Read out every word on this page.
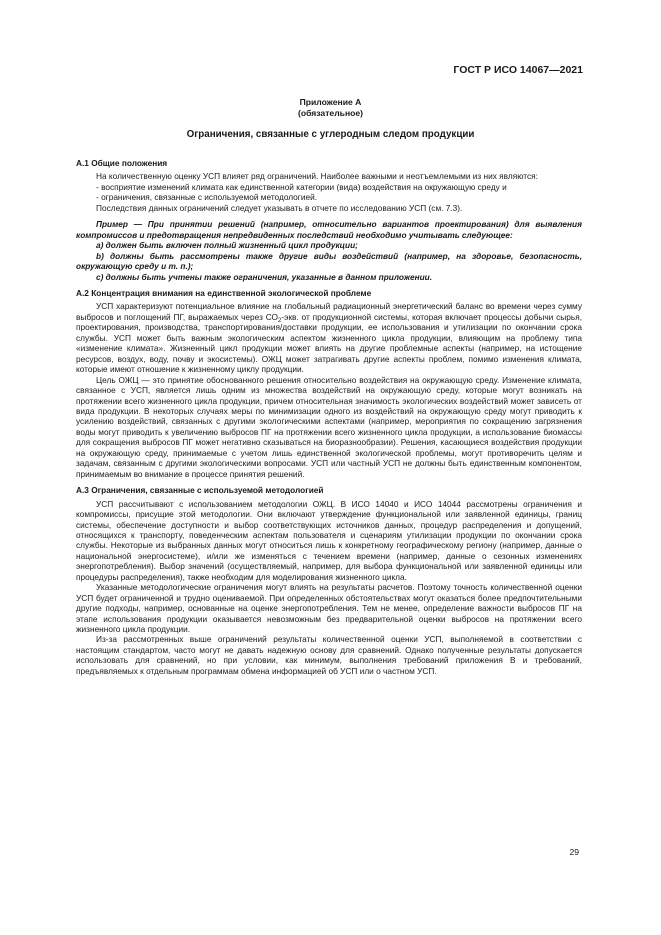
ГОСТ Р ИСО 14067—2021
Приложение А
(обязательное)
Ограничения, связанные с углеродным следом продукции
А.1 Общие положения

На количественную оценку УСП влияет ряд ограничений. Наиболее важными и неотъемлемыми из них являются:

- восприятие изменений климата как единственной категории (вида) воздействия на окружающую среду и

- ограничения, связанные с используемой методологией.

Последствия данных ограничений следует указывать в отчете по исследованию УСП (см. 7.3).

Пример — При принятии решений (например, относительно вариантов проектирования) для выявления компромиссов и предотвращения непредвиденных последствий необходимо учитывать следующее:

а) должен быть включен полный жизненный цикл продукции;

b) должны быть рассмотрены также другие виды воздействий (например, на здоровье, безопасность, окружающую среду и т. п.);

с) должны быть учтены также ограничения, указанные в данном приложении.

А.2 Концентрация внимания на единственной экологической проблеме

УСП характеризуют потенциальное влияние на глобальный радиационный энергетический баланс во времени через сумму выбросов и поглощений ПГ, выражаемых через $СО_2$-экв. от продукционной системы, которая включает процессы добычи сырья, проектирования, производства, транспортирования/доставки продукции, ее использования и утилизации по окончании срока службы. УСП может быть важным экологическим аспектом жизненного цикла продукции, влияющим на проблему типа «изменение климата». Жизненный цикл продукции может влиять на другие проблемные аспекты (например, на истощение ресурсов, воздух, воду, почву и экосистемы). ОЖЦ может затрагивать другие аспекты проблем, помимо изменения климата, которые имеют отношение к жизненному циклу продукции.

Цель ОЖЦ — это принятие обоснованного решения относительно воздействия на окружающую среду. Изменение климата, связанное с УСП, является лишь одним из множества воздействий на окружающую среду, которые могут возникать на протяжении всего жизненного цикла продукции, причем относительная значимость экологических воздействий может зависеть от вида продукции. В некоторых случаях меры по минимизации одного из воздействий на окружающую среду могут приводить к усилению воздействий, связанных с другими экологическими аспектами (например, мероприятия по сокращению загрязнения воды могут приводить к увеличению выбросов ПГ на протяжении всего жизненного цикла продукции, а использование биомассы для сокращения выбросов ПГ может негативно сказываться на биоразнообразии). Решения, касающиеся воздействия продукции на окружающую среду, принимаемые с учетом лишь единственной экологической проблемы, могут противоречить целям и задачам, связанным с другими экологическими вопросами. УСП или частный УСП не должны быть единственным компонентом, принимаемым во внимание в процессе принятия решений.

А.3 Ограничения, связанные с используемой методологией

УСП рассчитывают с использованием методологии ОЖЦ. В ИСО 14040 и ИСО 14044 рассмотрены ограничения и компромиссы, присущие этой методологии. Они включают утверждение функциональной или заявленной единицы, границ системы, обеспечение доступности и выбор соответствующих источников данных, процедур распределения и допущений, относящихся к транспорту, поведенческим аспектам пользователя и сценариям утилизации продукции по окончании срока службы. Некоторые из выбранных данных могут относиться лишь к конкретному географическому региону (например, данные о национальной энергосистеме), и/или же изменяться с течением времени (например, данные о сезонных изменениях энергопотребления). Выбор значений (осуществляемый, например, для выбора функциональной или заявленной единицы или процедуры распределения), также необходим для моделирования жизненного цикла.

Указанные методологические ограничения могут влиять на результаты расчетов. Поэтому точность количественной оценки УСП будет ограниченной и трудно оцениваемой. При определенных обстоятельствах могут оказаться более предпочтительными другие подходы, например, основанные на оценке энергопотребления. Тем не менее, определение важности выбросов ПГ на этапе использования продукции оказывается невозможным без предварительной оценки выбросов на протяжении всего жизненного цикла продукции.

Из-за рассмотренных выше ограничений результаты количественной оценки УСП, выполняемой в соответствии с настоящим стандартом, часто могут не давать надежную основу для сравнений. Однако полученные результаты допускается использовать для сравнений, но при условии, как минимум, выполнения требований приложения В и требований, предъявляемых к отдельным программам обмена информацией об УСП или о частном УСП.

29
